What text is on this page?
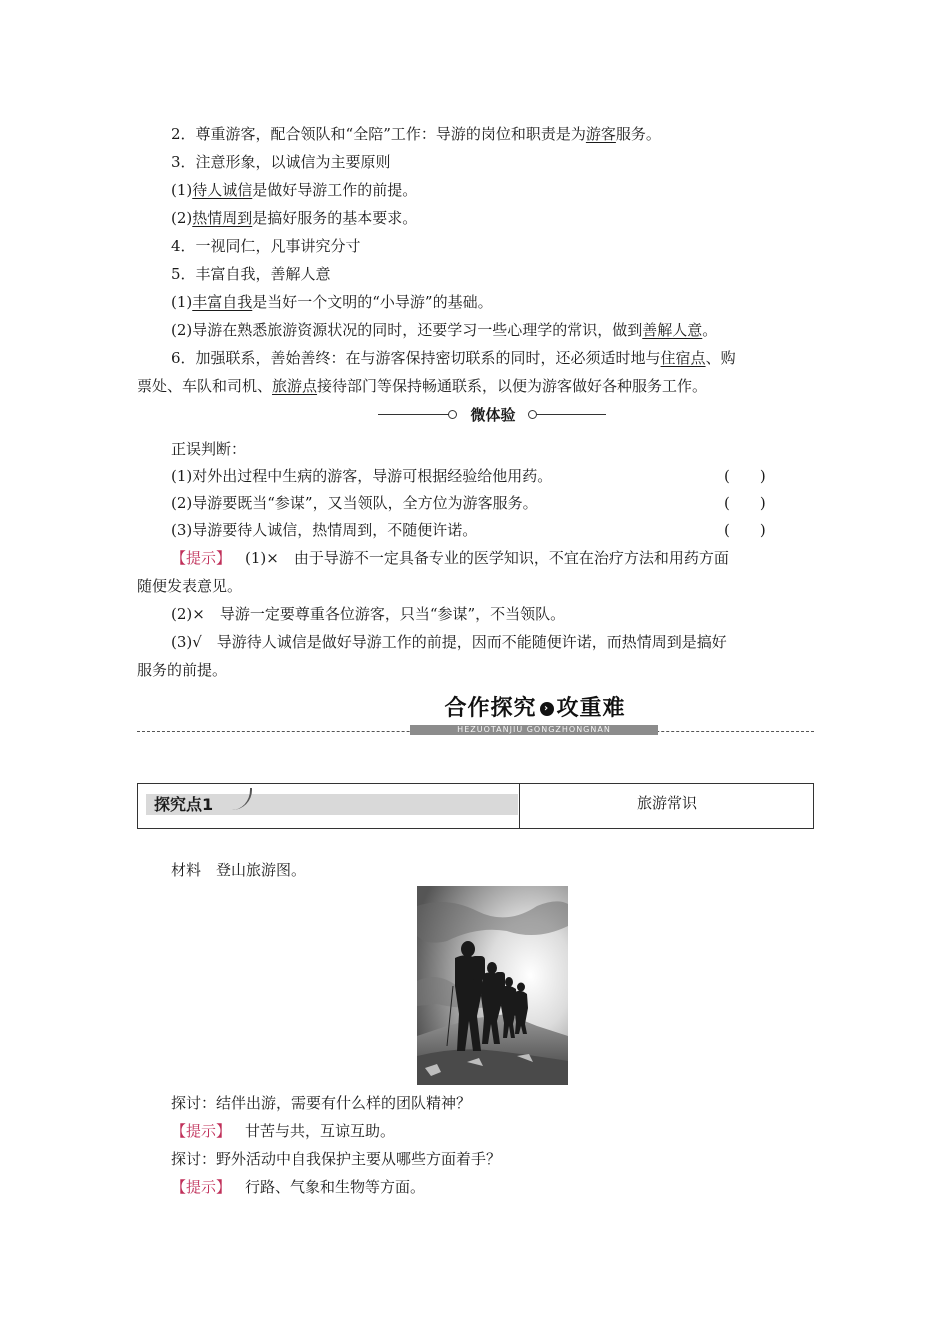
2．尊重游客，配合领队和“全陪”工作：导游的岗位和职责是为游客服务。
3．注意形象，以诚信为主要原则
(1)待人诚信是做好导游工作的前提。
(2)热情周到是搞好服务的基本要求。
4．一视同仁，凡事讲究分寸
5．丰富自我，善解人意
(1)丰富自我是当好一个文明的“小导游”的基础。
(2)导游在熟悉旅游资源状况的同时，还要学习一些心理学的常识，做到善解人意。
6．加强联系，善始善终：在与游客保持密切联系的同时，还必须适时地与住宿点、购
票处、车队和司机、旅游点接待部门等保持畅通联系，以便为游客做好各种服务工作。
微体验
正误判断：
(1)对外出过程中生病的游客，导游可根据经验给他用药。	(　　)
(2)导游要既当“参谋”，又当领队，全方位为游客服务。	(　　)
(3)导游要待人诚信，热情周到，不随便许诺。	(　　)
【提示】 (1)×　由于导游不一定具备专业的医学知识，不宜在治疗方法和用药方面
随便发表意见。
(2)×　导游一定要尊重各位游客，只当“参谋”，不当领队。
(3)√　导游待人诚信是做好导游工作的前提，因而不能随便许诺，而热情周到是搞好
服务的前提。
合作探究 › 攻重难
HEZUOTANJIU GONGZHONGNAN
探究点1	旅游常识
材料　登山旅游图。
探讨：结伴出游，需要有什么样的团队精神？
【提示】 甘苦与共，互谅互助。
探讨：野外活动中自我保护主要从哪些方面着手？
【提示】 行路、气象和生物等方面。
